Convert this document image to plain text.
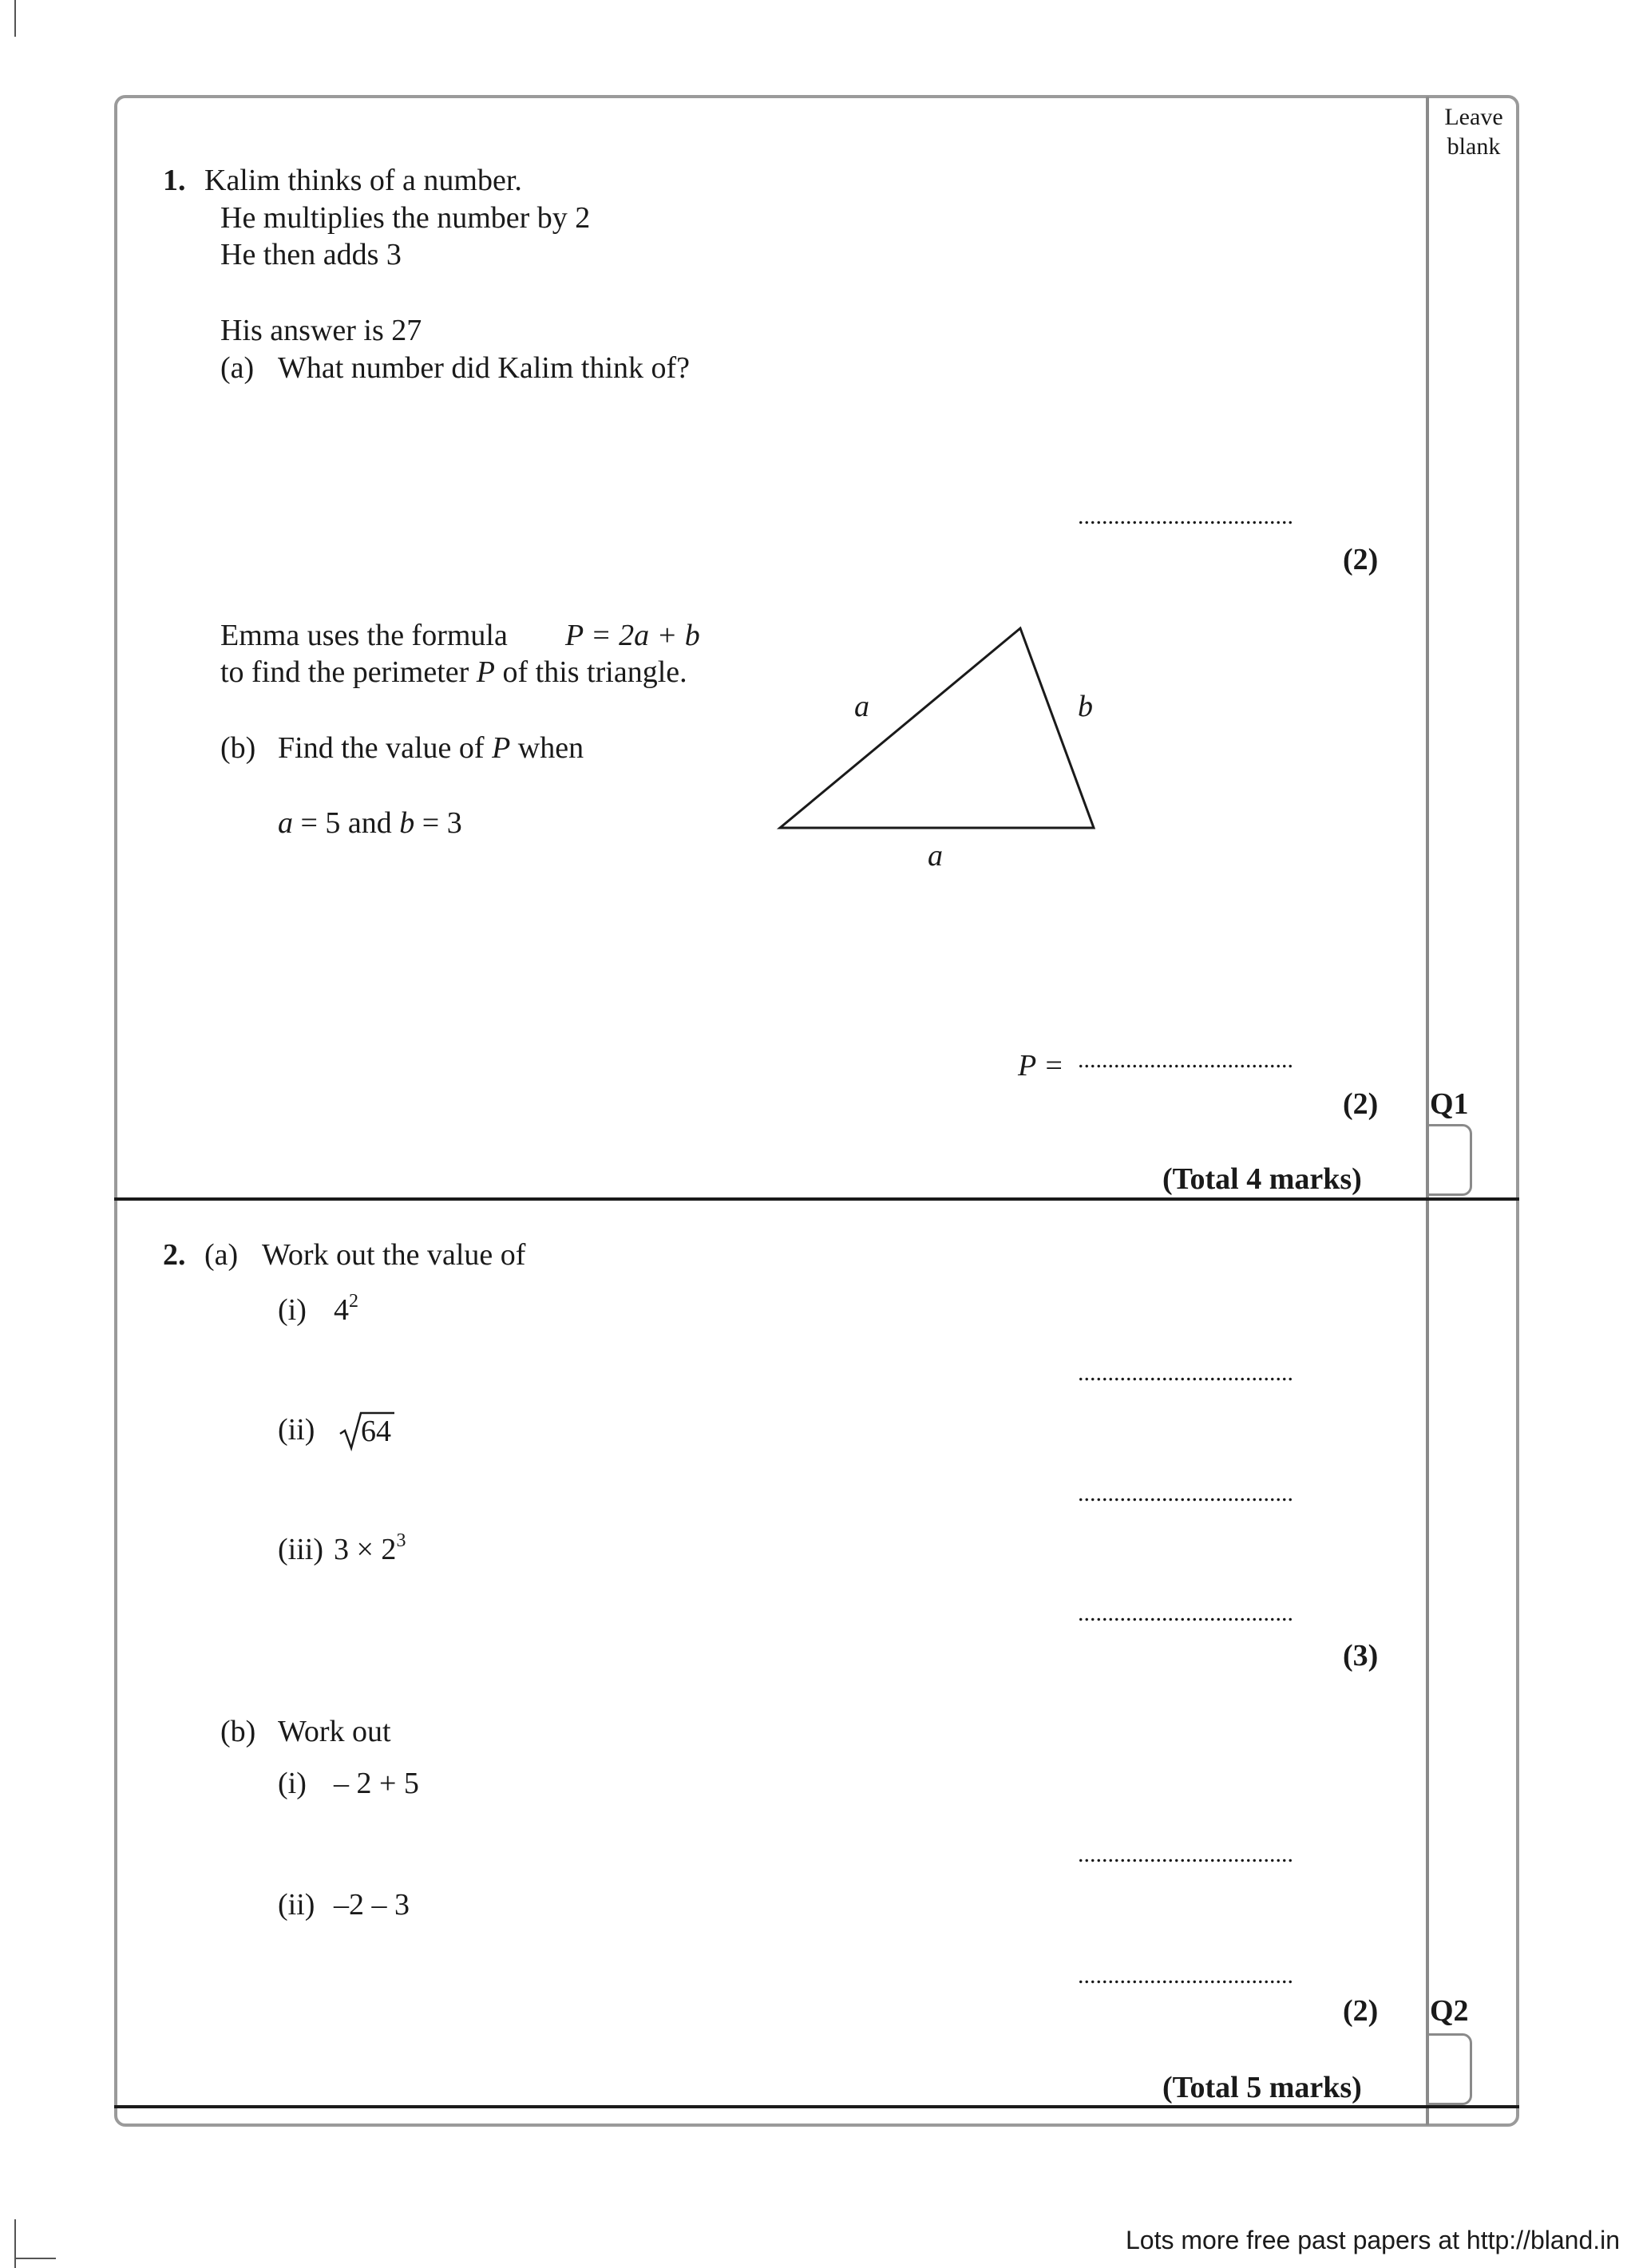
Leave
blank
1. Kalim thinks of a number.
He multiplies the number by 2
He then adds 3
His answer is 27
(a) What number did Kalim think of?
....................................
(2)
Emma uses the formula P = 2a + b
to find the perimeter P of this triangle.
(b) Find the value of P when
a = 5 and b = 3
a	b
a
P = ....................................
(2) Q1
(Total 4 marks)
2. (a) Work out the value of
(i) $4^2$
....................................
(ii) 64
....................................
(iii) $3 \times 2^3$
....................................
(3)
(b) Work out
(i) – 2 + 5
....................................
(ii) –2 – 3
....................................
(2) Q2
(Total 5 marks)
Lots more free past papers at http://bland.in
